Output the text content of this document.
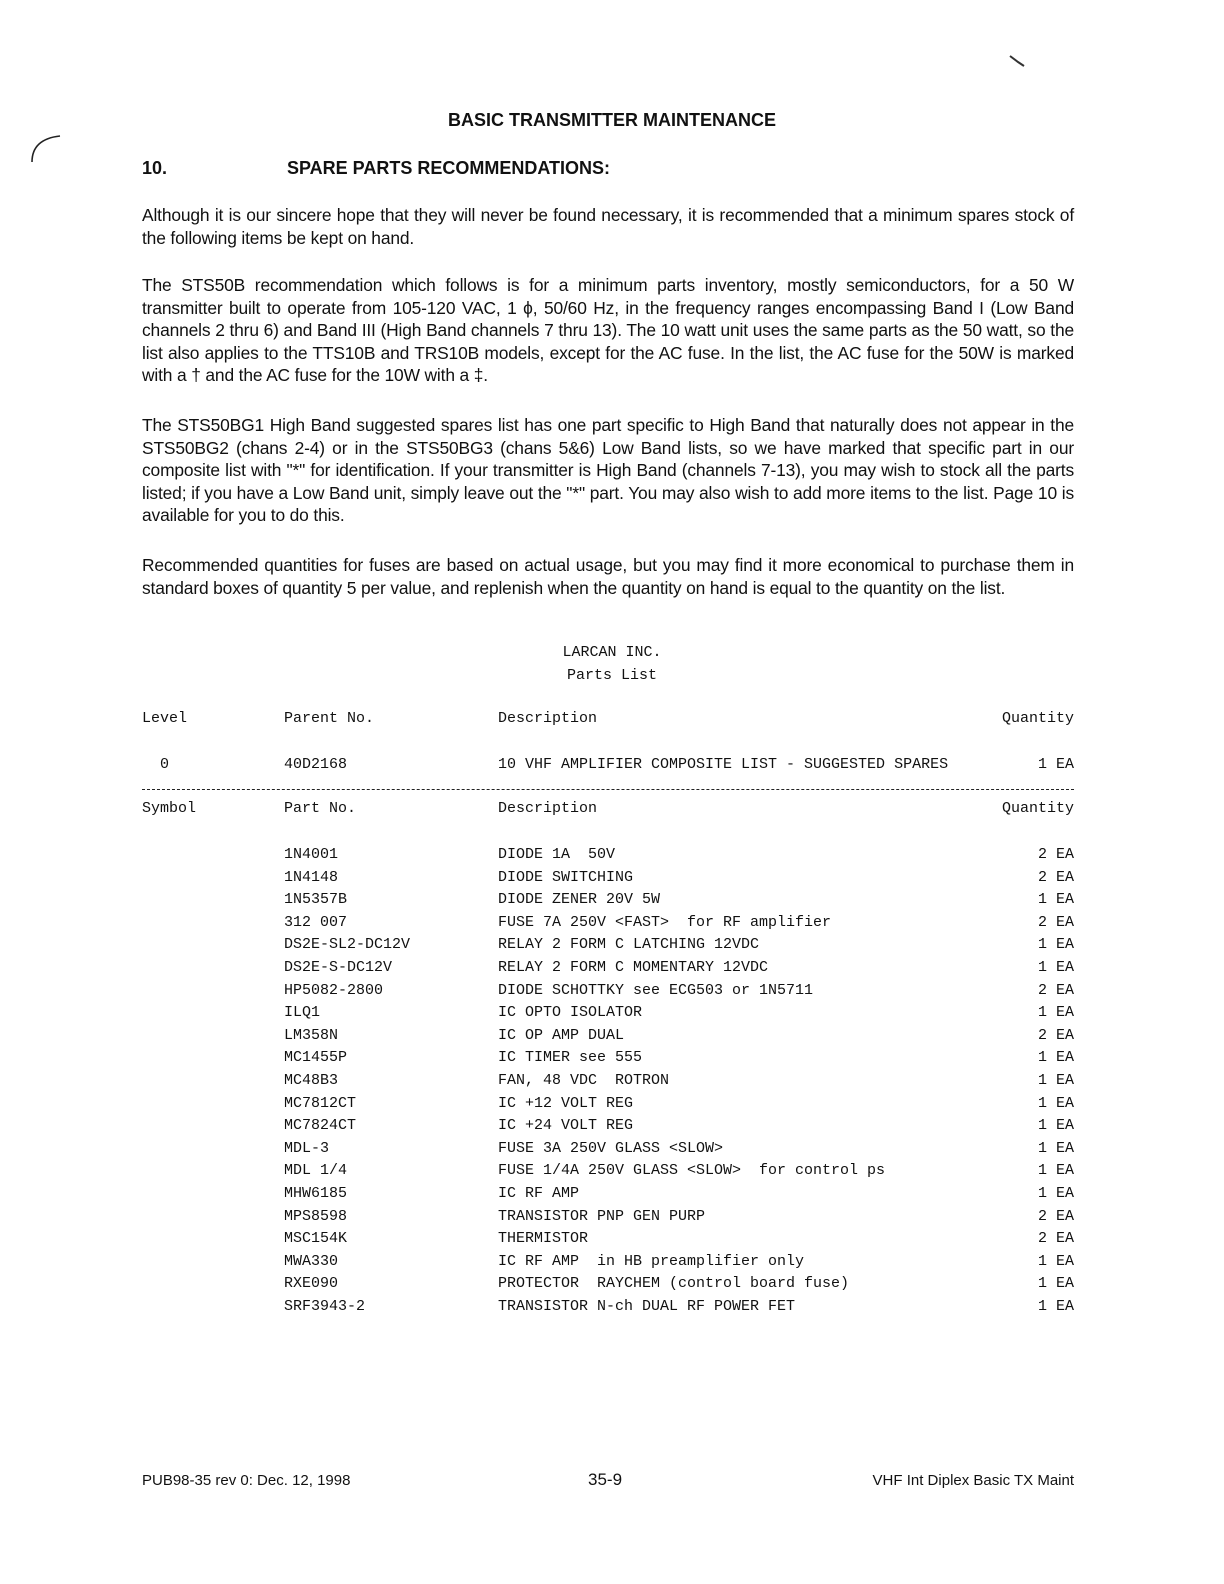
BASIC TRANSMITTER MAINTENANCE
10.	SPARE PARTS RECOMMENDATIONS:
Although it is our sincere hope that they will never be found necessary, it is recommended that a minimum spares stock of the following items be kept on hand.
The STS50B recommendation which follows is for a minimum parts inventory, mostly semiconductors, for a 50 W transmitter built to operate from 105-120 VAC, 1 ϕ, 50/60 Hz, in the frequency ranges encompassing Band I (Low Band channels 2 thru 6) and Band III (High Band channels 7 thru 13). The 10 watt unit uses the same parts as the 50 watt, so the list also applies to the TTS10B and TRS10B models, except for the AC fuse. In the list, the AC fuse for the 50W is marked with a † and the AC fuse for the 10W with a ‡.
The STS50BG1 High Band suggested spares list has one part specific to High Band that naturally does not appear in the STS50BG2 (chans 2-4) or in the STS50BG3 (chans 5&6) Low Band lists, so we have marked that specific part in our composite list with "*" for identification. If your transmitter is High Band (channels 7-13), you may wish to stock all the parts listed; if you have a Low Band unit, simply leave out the "*" part. You may also wish to add more items to the list. Page 10 is available for you to do this.
Recommended quantities for fuses are based on actual usage, but you may find it more economical to purchase them in standard boxes of quantity 5 per value, and replenish when the quantity on hand is equal to the quantity on the list.
LARCAN INC.
Parts List
Level	Parent No.	Description	Quantity
0	40D2168	10 VHF AMPLIFIER COMPOSITE LIST - SUGGESTED SPARES	1 EA
Symbol	Part No.	Description	Quantity
1N4001	DIODE 1A  50V	2 EA
1N4148	DIODE SWITCHING	2 EA
1N5357B	DIODE ZENER 20V 5W	1 EA
312 007	FUSE 7A 250V <FAST>  for RF amplifier	2 EA
DS2E-SL2-DC12V	RELAY 2 FORM C LATCHING 12VDC	1 EA
DS2E-S-DC12V	RELAY 2 FORM C MOMENTARY 12VDC	1 EA
HP5082-2800	DIODE SCHOTTKY see ECG503 or 1N5711	2 EA
ILQ1	IC OPTO ISOLATOR	1 EA
LM358N	IC OP AMP DUAL	2 EA
MC1455P	IC TIMER see 555	1 EA
MC48B3	FAN, 48 VDC  ROTRON	1 EA
MC7812CT	IC +12 VOLT REG	1 EA
MC7824CT	IC +24 VOLT REG	1 EA
MDL-3	FUSE 3A 250V GLASS <SLOW>	1 EA
MDL 1/4	FUSE 1/4A 250V GLASS <SLOW>  for control ps	1 EA
MHW6185	IC RF AMP	1 EA
MPS8598	TRANSISTOR PNP GEN PURP	2 EA
MSC154K	THERMISTOR	2 EA
MWA330	IC RF AMP  in HB preamplifier only	1 EA
RXE090	PROTECTOR  RAYCHEM (control board fuse)	1 EA
SRF3943-2	TRANSISTOR N-ch DUAL RF POWER FET	1 EA
PUB98-35 rev 0: Dec. 12, 1998	35-9	VHF Int Diplex Basic TX Maint
